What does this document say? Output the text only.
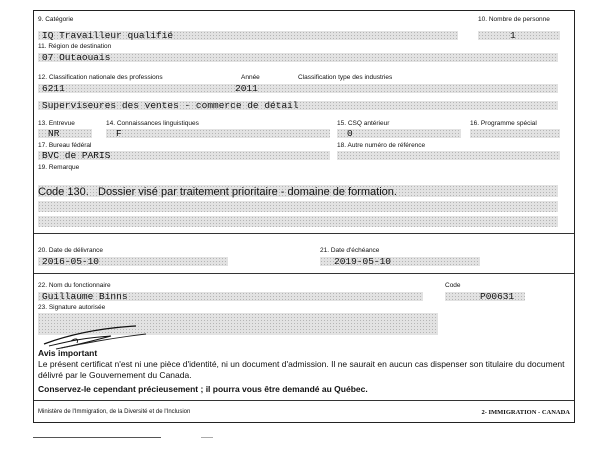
9. Catégorie
IQ Travailleur qualifié
10. Nombre de personne
1
11. Région de destination
07 Outaouais
12. Classification nationale des professions	Année	Classification type des industries
6211	2011
Superviseures des ventes - commerce de détail
13. Entrevue	14. Connaissances linguistiques	15. CSQ antérieur	16. Programme spécial
NR	F	0
17. Bureau fédéral	18. Autre numéro de référence
BVC de PARIS
19. Remarque
Code 130. Dossier visé par traitement prioritaire - domaine de formation.
20. Date de délivrance	21. Date d'échéance
2016-05-10	2019-05-10
22. Nom du fonctionnaire	Code
Guillaume Binns	P00631
23. Signature autorisée
Avis important
Le présent certificat n'est ni une pièce d'identité, ni un document d'admission. Il ne saurait en aucun cas dispenser son titulaire du document délivré par le Gouvernement du Canada.
Conservez-le cependant précieusement ; il pourra vous être demandé au Québec.
Ministère de l'Immigration, de la Diversité et de l'Inclusion	2- IMMIGRATION - CANADA
